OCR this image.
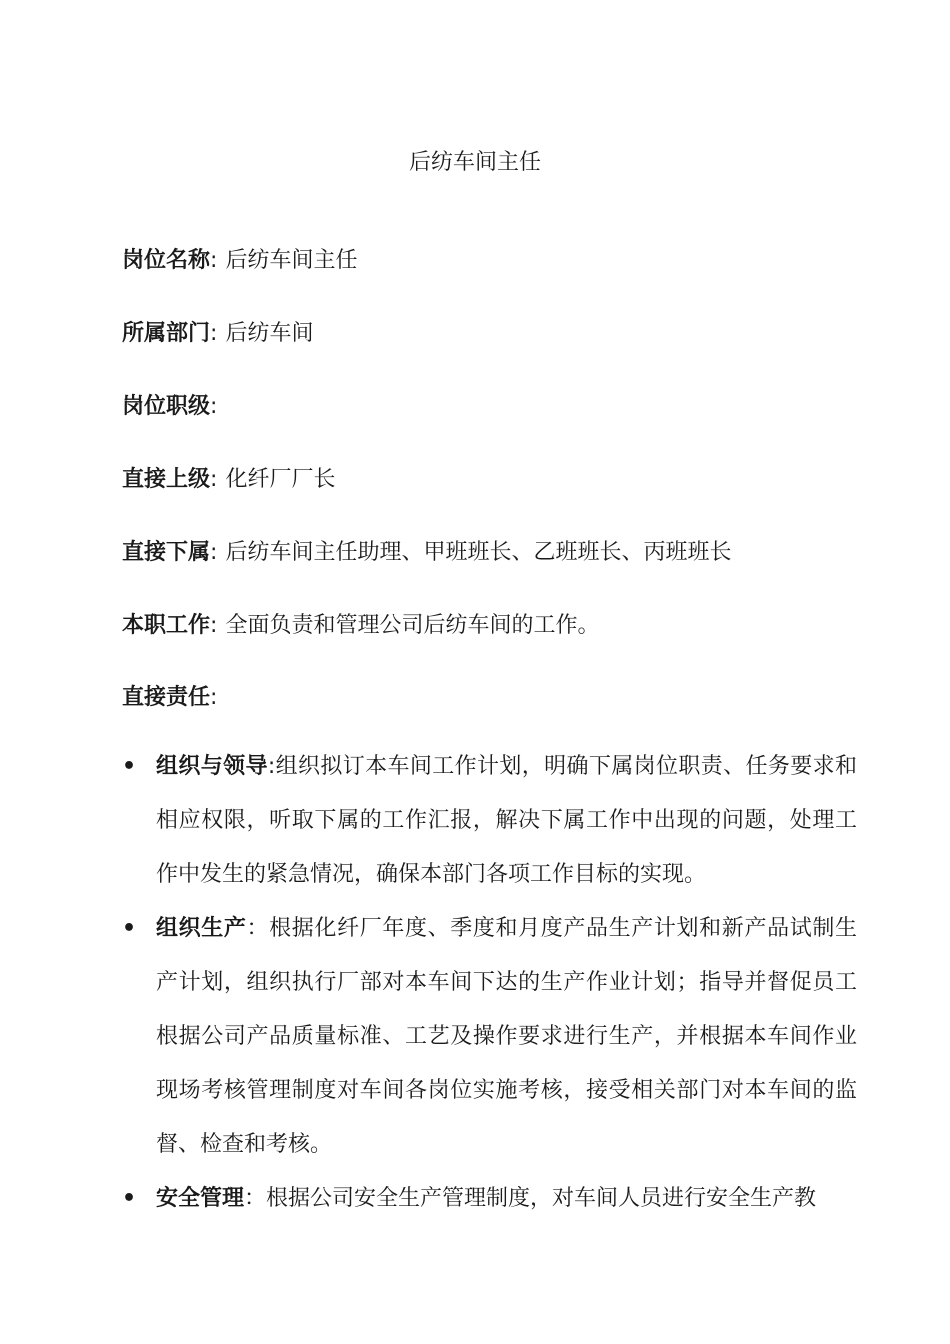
后纺车间主任
岗位名称: 后纺车间主任
所属部门: 后纺车间
岗位职级:
直接上级: 化纤厂厂长
直接下属: 后纺车间主任助理、甲班班长、乙班班长、丙班班长
本职工作: 全面负责和管理公司后纺车间的工作。
直接责任:
• 组织与领导:组织拟订本车间工作计划，明确下属岗位职责、任务要求和相应权限，听取下属的工作汇报，解决下属工作中出现的问题，处理工作中发生的紧急情况，确保本部门各项工作目标的实现。
• 组织生产：根据化纤厂年度、季度和月度产品生产计划和新产品试制生产计划，组织执行厂部对本车间下达的生产作业计划；指导并督促员工根据公司产品质量标准、工艺及操作要求进行生产，并根据本车间作业现场考核管理制度对车间各岗位实施考核，接受相关部门对本车间的监督、检查和考核。
• 安全管理：根据公司安全生产管理制度，对车间人员进行安全生产教
